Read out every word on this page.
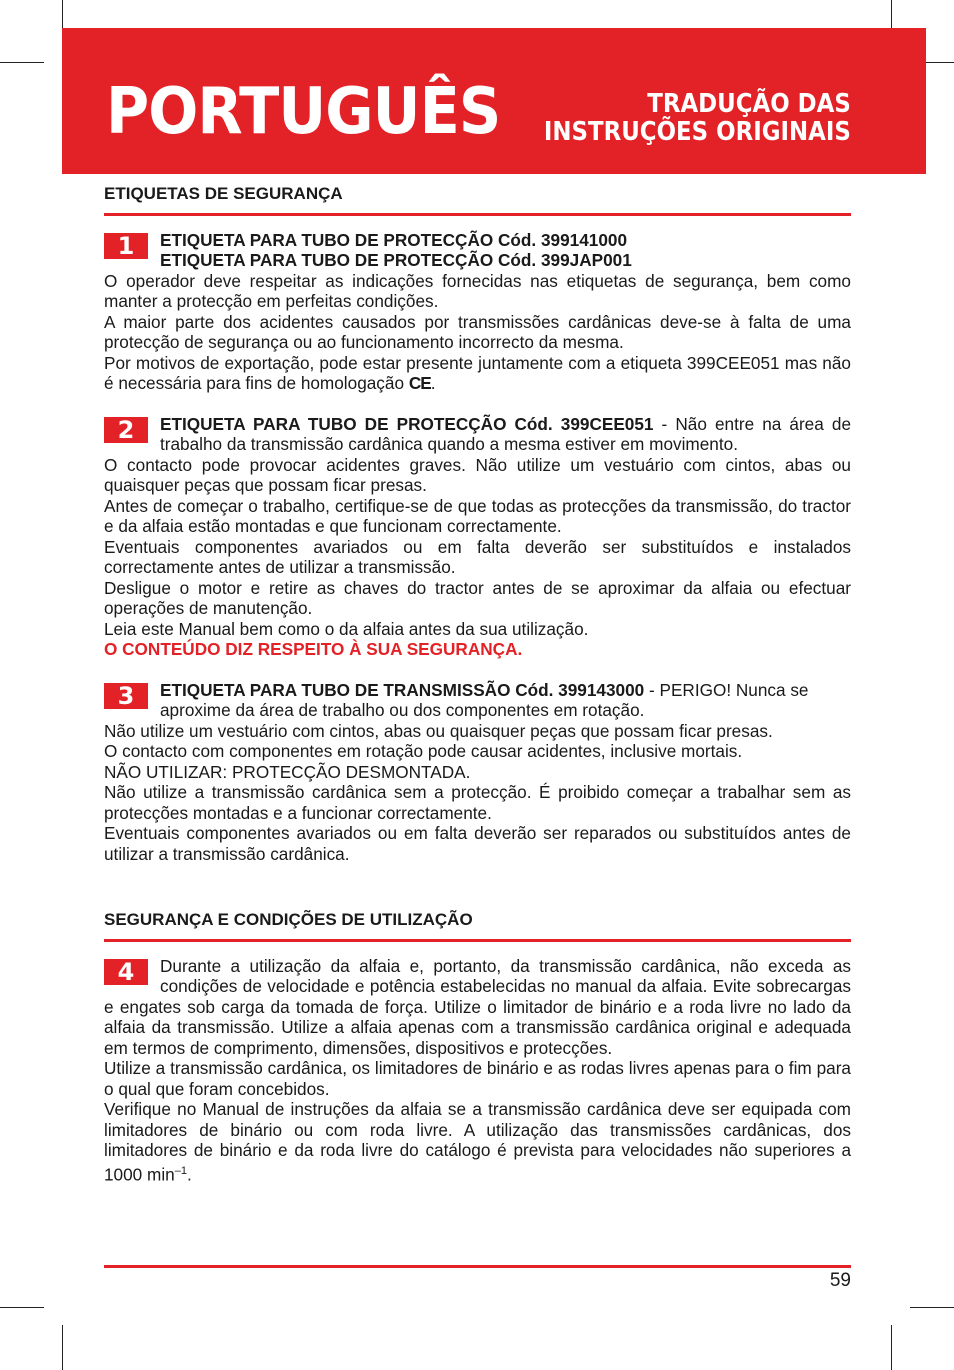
PORTUGUÊS	TRADUÇÃO DAS
INSTRUÇÕES ORIGINAIS
ETIQUETAS DE SEGURANÇA
1	ETIQUETA PARA TUBO DE PROTECÇÃO Cód. 399141000
ETIQUETA PARA TUBO DE PROTECÇÃO Cód. 399JAP001

O operador deve respeitar as indicações fornecidas nas etiquetas de segurança, bem como manter a protecção em perfeitas condições.

A maior parte dos acidentes causados por transmissões cardânicas deve-se à falta de uma protecção de segurança ou ao funcionamento incorrecto da mesma.

Por motivos de exportação, pode estar presente juntamente com a etiqueta 399CEE051 mas não é necessária para fins de homologação CE.

2	ETIQUETA PARA TUBO DE PROTECÇÃO Cód. 399CEE051 - Não entre na área de trabalho da transmissão cardânica quando a mesma estiver em movimento.

O contacto pode provocar acidentes graves. Não utilize um vestuário com cintos, abas ou quaisquer peças que possam ficar presas.

Antes de começar o trabalho, certifique-se de que todas as protecções da transmissão, do tractor e da alfaia estão montadas e que funcionam correctamente.

Eventuais componentes avariados ou em falta deverão ser substituídos e instalados correctamente antes de utilizar a transmissão.

Desligue o motor e retire as chaves do tractor antes de se aproximar da alfaia ou efectuar operações de manutenção.

Leia este Manual bem como o da alfaia antes da sua utilização.

O CONTEÚDO DIZ RESPEITO À SUA SEGURANÇA.

3	ETIQUETA PARA TUBO DE TRANSMISSÃO Cód. 399143000 - PERIGO! Nunca se aproxime da área de trabalho ou dos componentes em rotação.

Não utilize um vestuário com cintos, abas ou quaisquer peças que possam ficar presas.

O contacto com componentes em rotação pode causar acidentes, inclusive mortais.

NÃO UTILIZAR: PROTECÇÃO DESMONTADA.

Não utilize a transmissão cardânica sem a protecção. É proibido começar a trabalhar sem as protecções montadas e a funcionar correctamente.

Eventuais componentes avariados ou em falta deverão ser reparados ou substituídos antes de utilizar a transmissão cardânica.

SEGURANÇA E CONDIÇÕES DE UTILIZAÇÃO

4	Durante a utilização da alfaia e, portanto, da transmissão cardânica, não exceda as condições de velocidade e potência estabelecidas no manual da alfaia. Evite sobrecargas e engates sob carga da tomada de força. Utilize o limitador de binário e a roda livre no lado da alfaia da transmissão. Utilize a alfaia apenas com a transmissão cardânica original e adequada em termos de comprimento, dimensões, dispositivos e protecções.

Utilize a transmissão cardânica, os limitadores de binário e as rodas livres apenas para o fim para o qual que foram concebidos.

Verifique no Manual de instruções da alfaia se a transmissão cardânica deve ser equipada com limitadores de binário ou com roda livre. A utilização das transmissões cardânicas, dos limitadores de binário e da roda livre do catálogo é prevista para velocidades não superiores a 1000 $\min^{-1}$.

59
